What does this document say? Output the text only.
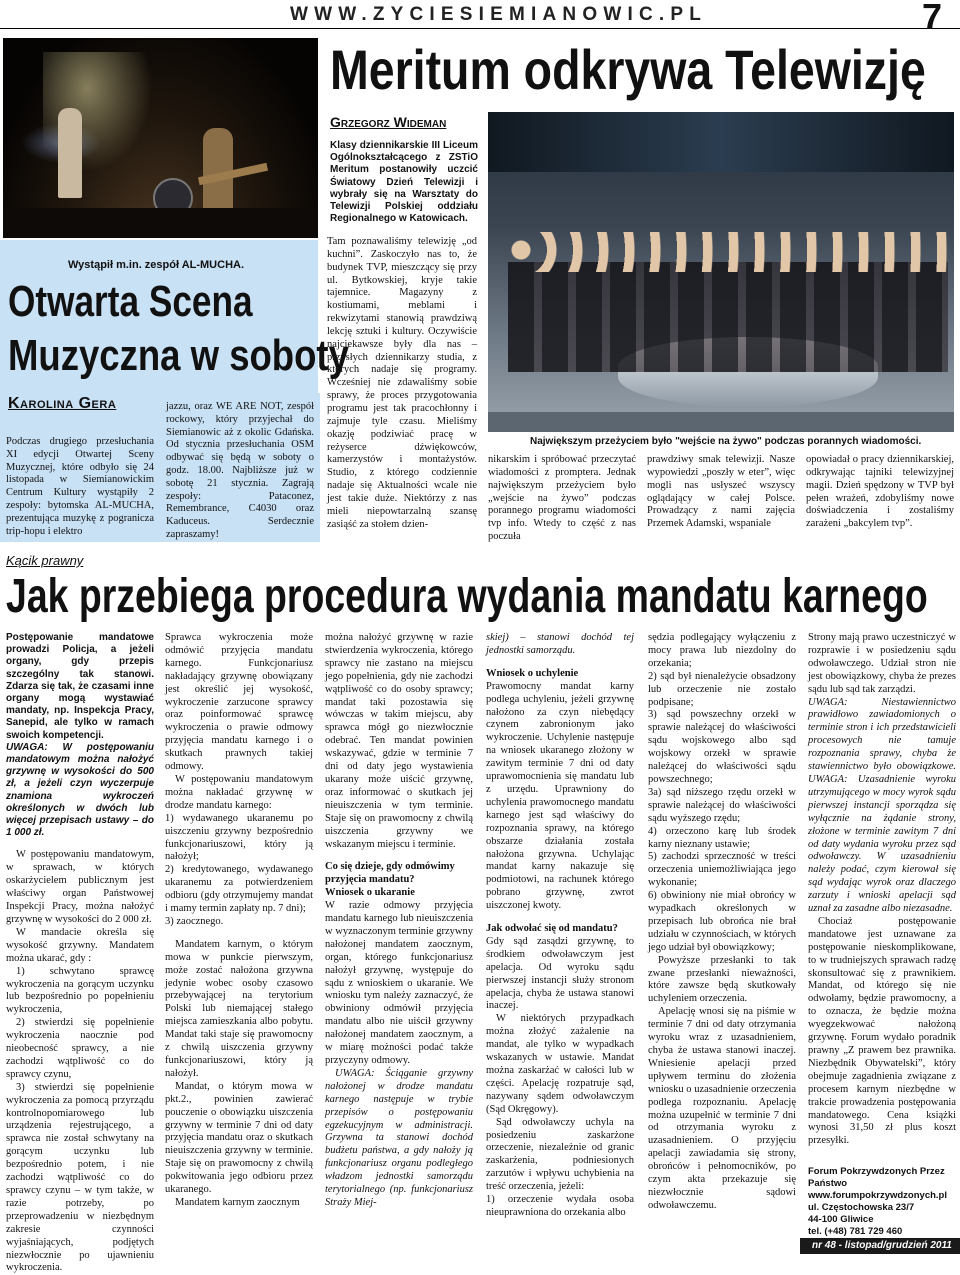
WWW.ZYCIESIEMIANOWIC.PL	7
Meritum odkrywa Telewizję
Grzegorz Wideman
Klasy dziennikarskie III Liceum Ogólnokształcącego z ZSTiO Meritum postanowiły uczcić Światowy Dzień Telewizji i wybrały się na Warsztaty do Telewizji Polskiej oddziału Regionalnego w Katowicach.
Wystąpił m.in. zespół AL-MUCHA.
Otwarta Scena
Muzyczna w soboty
Karolina Gera
Podczas drugiego przesłuchania XI edycji Otwartej Sceny Muzycznej, które odbyło się 24 listopada w Siemianowickim Centrum Kultury wystąpiły 2 zespoły: bytomska AL-MUCHA, prezentująca muzykę z pogranicza trip-hopu i elektro
jazzu, oraz WE ARE NOT, zespół rockowy, który przyjechał do Siemianowic aż z okolic Gdańska. Od stycznia przesłuchania OSM odbywać się będą w soboty o godz. 18.00. Najbliższe już w sobotę 21 stycznia. Zagrają zespoły: Pataconez, Remembrance, C4030 oraz Kaduceus. Serdecznie zapraszamy!
Tam poznawaliśmy telewizję „od kuchni”. Zaskoczyło nas to, że budynek TVP, mieszczący się przy ul. Bytkowskiej, kryje takie tajemnice. Magazyny z kostiumami, meblami i rekwizytami stanowią prawdziwą lekcję sztuki i kultury. Oczywiście najciekawsze były dla nas – przysłych dziennikarzy studia, z których nadaje się programy. Wcześniej nie zdawaliśmy sobie sprawy, że proces przygotowania programu jest tak pracochłonny i zajmuje tyle czasu. Mieliśmy okazję podziwiać pracę w reżyserce dźwiękowców, kamerzystów i montażystów. Studio, z którego codziennie nadaje się Aktualności wcale nie jest takie duże. Niektórzy z nas mieli niepowtarzalną szansę zasiąść za stołem dzien-
Największym przeżyciem było "wejście na żywo" podczas porannych wiadomości.
nikarskim i spróbować przeczytać wiadomości z promptera. Jednak największym przeżyciem było „wejście na żywo” podczas porannego programu wiadomości tvp info. Wtedy to część z nas poczuła
prawdziwy smak telewizji. Nasze wypowiedzi „poszły w eter”, więc mogli nas usłyszeć wszyscy oglądający w całej Polsce. Prowadzący z nami zajęcia Przemek Adamski, wspaniale
opowiadał o pracy dziennikarskiej, odkrywając tajniki telewizyjnej magii. Dzień spędzony w TVP był pełen wrażeń, zdobyliśmy nowe doświadczenia i zostaliśmy zarażeni „bakcylem tvp”.
Kącik prawny
Jak przebiega procedura wydania mandatu karnego
Postępowanie mandatowe prowadzi Policja, a jeżeli organy, gdy przepis szczególny tak stanowi. Zdarza się tak, że czasami inne organy mogą wystawiać mandaty, np. Inspekcja Pracy, Sanepid, ale tylko w ramach swoich kompetencji.
UWAGA: W postępowaniu mandatowym można nałożyć grzywnę w wysokości do 500 zł, a jeżeli czyn wyczerpuje znamiona wykroczeń określonych w dwóch lub więcej przepisach ustawy – do 1 000 zł.

W postępowaniu mandatowym, w sprawach, w których oskarżycielem publicznym jest właściwy organ Państwowej Inspekcji Pracy, można nałożyć grzywnę w wysokości do 2 000 zł.

W mandacie określa się wysokość grzywny. Mandatem można ukarać, gdy :

1) schwytano sprawcę wykroczenia na gorącym uczynku lub bezpośrednio po popełnieniu wykroczenia,

2) stwierdzi się popełnienie wykroczenia naocznie pod nieobecność sprawcy, a nie zachodzi wątpliwość co do sprawcy czynu,

3) stwierdzi się popełnienie wykroczenia za pomocą przyrządu kontrolnopomiarowego lub urządzenia rejestrującego, a sprawca nie został schwytany na gorącym uczynku lub bezpośrednio potem, i nie zachodzi wątpliwość co do sprawcy czynu – w tym także, w razie potrzeby, po przeprowadzeniu w niezbędnym zakresie czynności wyjaśniających, podjętych niezwłocznie po ujawnieniu wykroczenia.

Sprawca wykroczenia może odmówić przyjęcia mandatu karnego. Funkcjonariusz nakładający grzywnę obowiązany jest określić jej wysokość, wykroczenie zarzucone sprawcy oraz poinformować sprawcę wykroczenia o prawie odmowy przyjęcia mandatu karnego i o skutkach prawnych takiej odmowy.

W postępowaniu mandatowym można nakładać grzywnę w drodze mandatu karnego:

1) wydawanego ukaranemu po uiszczeniu grzywny bezpośrednio funkcjonariuszowi, który ją nałożył;

2) kredytowanego, wydawanego ukaranemu za potwierdzeniem odbioru (gdy otrzymujemy mandat i mamy termin zapłaty np. 7 dni);

3) zaocznego.

Mandatem karnym, o którym mowa w punkcie pierwszym, może zostać nałożona grzywna jedynie wobec osoby czasowo przebywającej na terytorium Polski lub niemającej stałego miejsca zamieszkania albo pobytu. Mandat taki staje się prawomocny z chwilą uiszczenia grzywny funkcjonariuszowi, który ją nałożył.

Mandat, o którym mowa w pkt.2., powinien zawierać pouczenie o obowiązku uiszczenia grzywny w terminie 7 dni od daty przyjęcia mandatu oraz o skutkach nieuiszczenia grzywny w terminie. Staje się on prawomocny z chwilą pokwitowania jego odbioru przez ukaranego.

Mandatem karnym zaocznym

można nałożyć grzywnę w razie stwierdzenia wykroczenia, którego sprawcy nie zastano na miejscu jego popełnienia, gdy nie zachodzi wątpliwość co do osoby sprawcy; mandat taki pozostawia się wówczas w takim miejscu, aby sprawca mógł go niezwłocznie odebrać. Ten mandat powinien wskazywać, gdzie w terminie 7 dni od daty jego wystawienia ukarany może uiścić grzywnę, oraz informować o skutkach jej nieuiszczenia w tym terminie. Staje się on prawomocny z chwilą uiszczenia grzywny we wskazanym miejscu i terminie.

Co się dzieje, gdy odmówimy przyjęcia mandatu?
Wniosek o ukaranie

W razie odmowy przyjęcia mandatu karnego lub nieuiszczenia w wyznaczonym terminie grzywny nałożonej mandatem zaocznym, organ, którego funkcjonariusz nałożył grzywnę, występuje do sądu z wnioskiem o ukaranie. We wniosku tym należy zaznaczyć, że obwiniony odmówił przyjęcia mandatu albo nie uiścił grzywny nałożonej mandatem zaocznym, a w miarę możności podać także przyczyny odmowy.

UWAGA: Ściąganie grzywny nałożonej w drodze mandatu karnego następuje w trybie przepisów o postępowaniu egzekucyjnym w administracji. Grzywna ta stanowi dochód budżetu państwa, a gdy nałoży ją funkcjonariusz organu podległego władzom jednostki samorządu terytorialnego (np. funkcjonariusz Straży Miej-

skiej) – stanowi dochód tej jednostki samorządu.

Wniosek o uchylenie

Prawomocny mandat karny podlega uchyleniu, jeżeli grzywnę nałożono za czyn niebędący czynem zabronionym jako wykroczenie. Uchylenie następuje na wniosek ukaranego złożony w zawitym terminie 7 dni od daty uprawomocnienia się mandatu lub z urzędu. Uprawniony do uchylenia prawomocnego mandatu karnego jest sąd właściwy do rozpoznania sprawy, na którego obszarze działania została nałożona grzywna. Uchylając mandat karny nakazuje się podmiotowi, na rachunek którego pobrano grzywnę, zwrot uiszczonej kwoty.

Jak odwołać się od mandatu?

Gdy sąd zasądzi grzywnę, to środkiem odwoławczym jest apelacja. Od wyroku sądu pierwszej instancji służy stronom apelacja, chyba że ustawa stanowi inaczej.

W niektórych przypadkach można złożyć zażalenie na mandat, ale tylko w wypadkach wskazanych w ustawie. Mandat można zaskarżać w całości lub w części. Apelację rozpatruje sąd, nazywany sądem odwoławczym (Sąd Okręgowy).

Sąd odwoławczy uchyla na posiedzeniu zaskarżone orzeczenie, niezależnie od granic zaskarżenia, podniesionych zarzutów i wpływu uchybienia na treść orzeczenia, jeżeli:

1) orzeczenie wydała osoba nieuprawniona do orzekania albo

sędzia podlegający wyłączeniu z mocy prawa lub niezdolny do orzekania;

2) sąd był nienależycie obsadzony lub orzeczenie nie zostało podpisane;

3) sąd powszechny orzekł w sprawie należącej do właściwości sądu wojskowego albo sąd wojskowy orzekł w sprawie należącej do właściwości sądu powszechnego;

3a) sąd niższego rzędu orzekł w sprawie należącej do właściwości sądu wyższego rzędu;

4) orzeczono karę lub środek karny nieznany ustawie;

5) zachodzi sprzeczność w treści orzeczenia uniemożliwiająca jego wykonanie;

6) obwiniony nie miał obrońcy w wypadkach określonych w przepisach lub obrońca nie brał udziału w czynnościach, w których jego udział był obowiązkowy;

Powyższe przesłanki to tak zwane przesłanki nieważności, które zawsze będą skutkowały uchyleniem orzeczenia.

Apelację wnosi się na piśmie w terminie 7 dni od daty otrzymania wyroku wraz z uzasadnieniem, chyba że ustawa stanowi inaczej. Wniesienie apelacji przed upływem terminu do złożenia wniosku o uzasadnienie orzeczenia podlega rozpoznaniu. Apelację można uzupełnić w terminie 7 dni od otrzymania wyroku z uzasadnieniem. O przyjęciu apelacji zawiadamia się strony, obrońców i pełnomocników, po czym akta przekazuje się niezwłocznie sądowi odwoławczemu.

Strony mają prawo uczestniczyć w rozprawie i w posiedzeniu sądu odwoławczego. Udział stron nie jest obowiązkowy, chyba że prezes sądu lub sąd tak zarządzi.

UWAGA: Niestawiennictwo prawidłowo zawiadomionych o terminie stron i ich przedstawicieli procesowych nie tamuje rozpoznania sprawy, chyba że stawiennictwo było obowiązkowe. UWAGA: Uzasadnienie wyroku utrzymującego w mocy wyrok sądu pierwszej instancji sporządza się wyłącznie na żądanie strony, złożone w terminie zawitym 7 dni od daty wydania wyroku przez sąd odwoławczy. W uzasadnieniu należy podać, czym kierował się sąd wydając wyrok oraz dlaczego zarzuty i wnioski apelacji sąd uznał za zasadne albo niezasadne.

Chociaż postępowanie mandatowe jest uznawane za postępowanie nieskomplikowane, to w trudniejszych sprawach radzę skonsultować się z prawnikiem. Mandat, od którego się nie odwołamy, będzie prawomocny, a to oznacza, że będzie można wyegzekwować nałożoną grzywnę. Forum wydało poradnik prawny „Z prawem bez prawnika. Niezbędnik Obywatelski”, który obejmuje zagadnienia związane z procesem karnym niezbędne w trakcie prowadzenia postępowania mandatowego. Cena książki wynosi 31,50 zł plus koszt przesyłki.

Forum Pokrzywdzonych Przez Państwo
www.forumpokrzywdzonych.pl
ul. Częstochowska 23/7
44-100 Gliwice
tel. (+48) 781 729 460
nr 48 - listopad/grudzień 2011
